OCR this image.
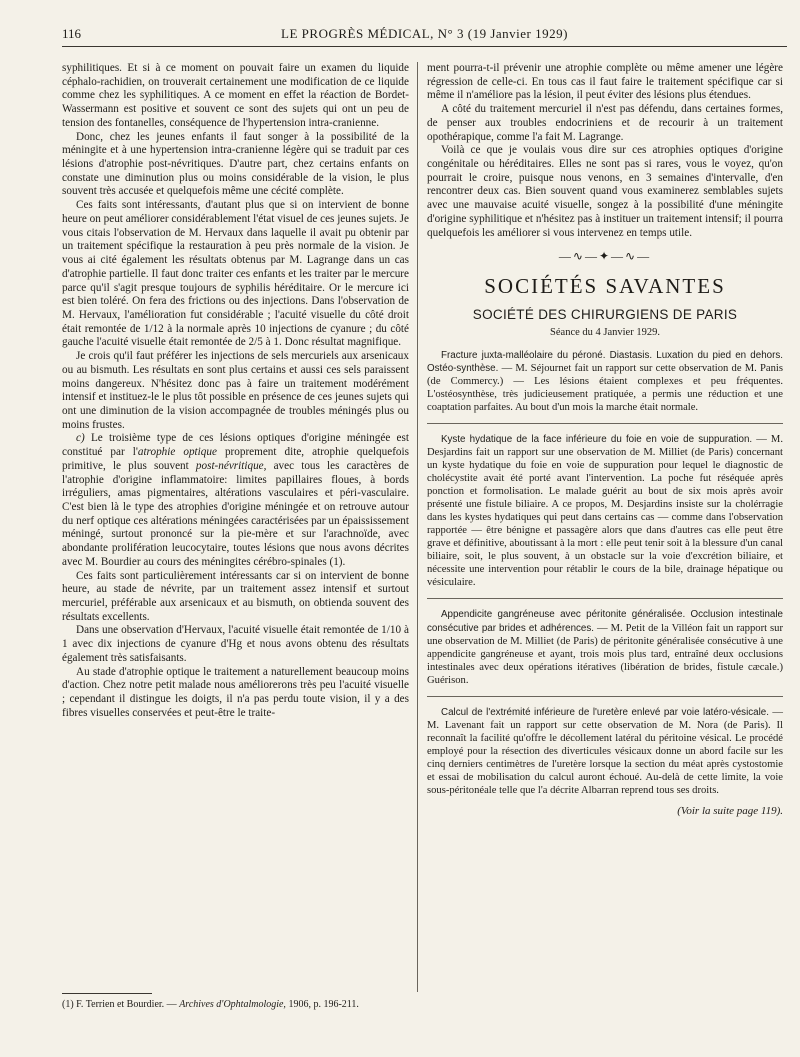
116	LE PROGRÈS MÉDICAL, N° 3 (19 Janvier 1929)

syphilitiques. Et si à ce moment on pouvait faire un examen du liquide céphalo-rachidien, on trouverait certainement une modification de ce liquide comme chez les syphilitiques. A ce moment en effet la réaction de Bordet-Wassermann est positive et souvent ce sont des sujets qui ont un peu de tension des fontanelles, conséquence de l'hypertension intra-cranienne.

Donc, chez les jeunes enfants il faut songer à la possibilité de la méningite et à une hypertension intra-cranienne légère qui se traduit par ces lésions d'atrophie post-névritiques. D'autre part, chez certains enfants on constate une diminution plus ou moins considérable de la vision, le plus souvent très accusée et quelquefois même une cécité complète.

Ces faits sont intéressants, d'autant plus que si on intervient de bonne heure on peut améliorer considérablement l'état visuel de ces jeunes sujets. Je vous citais l'observation de M. Hervaux dans laquelle il avait pu obtenir par un traitement spécifique la restauration à peu près normale de la vision. Je vous ai cité également les résultats obtenus par M. Lagrange dans un cas d'atrophie partielle. Il faut donc traiter ces enfants et les traiter par le mercure parce qu'il s'agit presque toujours de syphilis héréditaire. Or le mercure ici est bien toléré. On fera des frictions ou des injections. Dans l'observation de M. Hervaux, l'amélioration fut considérable ; l'acuité visuelle du côté droit était remontée de 1/12 à la normale après 10 injections de cyanure ; du côté gauche l'acuité visuelle était remontée de 2/5 à 1. Donc résultat magnifique.

Je crois qu'il faut préférer les injections de sels mercuriels aux arsenicaux ou au bismuth. Les résultats en sont plus certains et aussi ces sels paraissent moins dangereux. N'hésitez donc pas à faire un traitement modérément intensif et instituez-le le plus tôt possible en présence de ces jeunes sujets qui ont une diminution de la vision accompagnée de troubles méningés plus ou moins frustes.

c) Le troisième type de ces lésions optiques d'origine méningée est constitué par l'atrophie optique proprement dite, atrophie quelquefois primitive, le plus souvent post-névritique, avec tous les caractères de l'atrophie d'origine inflammatoire: limites papillaires floues, à bords irréguliers, amas pigmentaires, altérations vasculaires et péri-vasculaire. C'est bien là le type des atrophies d'origine méningée et on retrouve autour du nerf optique ces altérations méningées caractérisées par un épaississement méningé, surtout prononcé sur la pie-mère et sur l'arachnoïde, avec abondante prolifération leucocytaire, toutes lésions que nous avons décrites avec M. Bourdier au cours des méningites cérébro-spinales (1).

Ces faits sont particulièrement intéressants car si on intervient de bonne heure, au stade de névrite, par un traitement assez intensif et surtout mercuriel, préférable aux arsenicaux et au bismuth, on obtienda souvent des résultats excellents.

Dans une observation d'Hervaux, l'acuité visuelle était remontée de 1/10 à 1 avec dix injections de cyanure d'Hg et nous avons obtenu des résultats également très satisfaisants.

Au stade d'atrophie optique le traitement a naturellement beaucoup moins d'action. Chez notre petit malade nous améliorerons très peu l'acuité visuelle ; cependant il distingue les doigts, il n'a pas perdu toute vision, il y a des fibres visuelles conservées et peut-être le traite-

ment pourra-t-il prévenir une atrophie complète ou même amener une légère régression de celle-ci. En tous cas il faut faire le traitement spécifique car si même il n'améliore pas la lésion, il peut éviter des lésions plus étendues.

A côté du traitement mercuriel il n'est pas défendu, dans certaines formes, de penser aux troubles endocriniens et de recourir à un traitement opothérapique, comme l'a fait M. Lagrange.

Voilà ce que je voulais vous dire sur ces atrophies optiques d'origine congénitale ou héréditaires. Elles ne sont pas si rares, vous le voyez, qu'on pourrait le croire, puisque nous venons, en 3 semaines d'intervalle, d'en rencontrer deux cas. Bien souvent quand vous examinerez semblables sujets avec une mauvaise acuité visuelle, songez à la possibilité d'une méningite d'origine syphilitique et n'hésitez pas à instituer un traitement intensif; il pourra quelquefois les améliorer si vous intervenez en temps utile.

—∿—✦—∿—
SOCIÉTÉS SAVANTES
SOCIÉTÉ DES CHIRURGIENS DE PARIS
Séance du 4 Janvier 1929.

Fracture juxta-malléolaire du péroné. Diastasis. Luxation du pied en dehors. Ostéo-synthèse. — M. Séjournet fait un rapport sur cette observation de M. Panis (de Commercy.) — Les lésions étaient complexes et peu fréquentes. L'ostéosynthèse, très judicieusement pratiquée, a permis une réduction et une coaptation parfaites. Au bout d'un mois la marche était normale.

Kyste hydatique de la face inférieure du foie en voie de suppuration. — M. Desjardins fait un rapport sur une observation de M. Milliet (de Paris) concernant un kyste hydatique du foie en voie de suppuration pour lequel le diagnostic de cholécystite avait été porté avant l'intervention. La poche fut réséquée après ponction et formolisation. Le malade guérit au bout de six mois après avoir présenté une fistule biliaire. A ce propos, M. Desjardins insiste sur la cholérragie dans les kystes hydatiques qui peut dans certains cas — comme dans l'observation rapportée — être bénigne et passagère alors que dans d'autres cas elle peut être grave et définitive, aboutissant à la mort : elle peut tenir soit à la blessure d'un canal biliaire, soit, le plus souvent, à un obstacle sur la voie d'excrétion biliaire, et nécessite une intervention pour rétablir le cours de la bile, drainage hépatique ou vésiculaire.

Appendicite gangréneuse avec péritonite généralisée. Occlusion intestinale consécutive par brides et adhérences. — M. Petit de la Villéon fait un rapport sur une observation de M. Milliet (de Paris) de péritonite généralisée consécutive à une appendicite gangréneuse et ayant, trois mois plus tard, entraîné deux occlusions intestinales avec deux opérations itératives (libération de brides, fistule cæcale.) Guérison.

Calcul de l'extrémité inférieure de l'uretère enlevé par voie latéro-vésicale. — M. Lavenant fait un rapport sur cette observation de M. Nora (de Paris). Il reconnaît la facilité qu'offre le décollement latéral du péritoine vésical. Le procédé employé pour la résection des diverticules vésicaux donne un abord facile sur les cinq derniers centimètres de l'uretère lorsque la section du méat après cystostomie et essai de mobilisation du calcul auront échoué. Au-delà de cette limite, la voie sous-péritonéale telle que l'a décrite Albarran reprend tous ses droits.

(Voir la suite page 119).
(1) F. Terrien et Bourdier. — Archives d'Ophtalmologie, 1906, p. 196-211.
